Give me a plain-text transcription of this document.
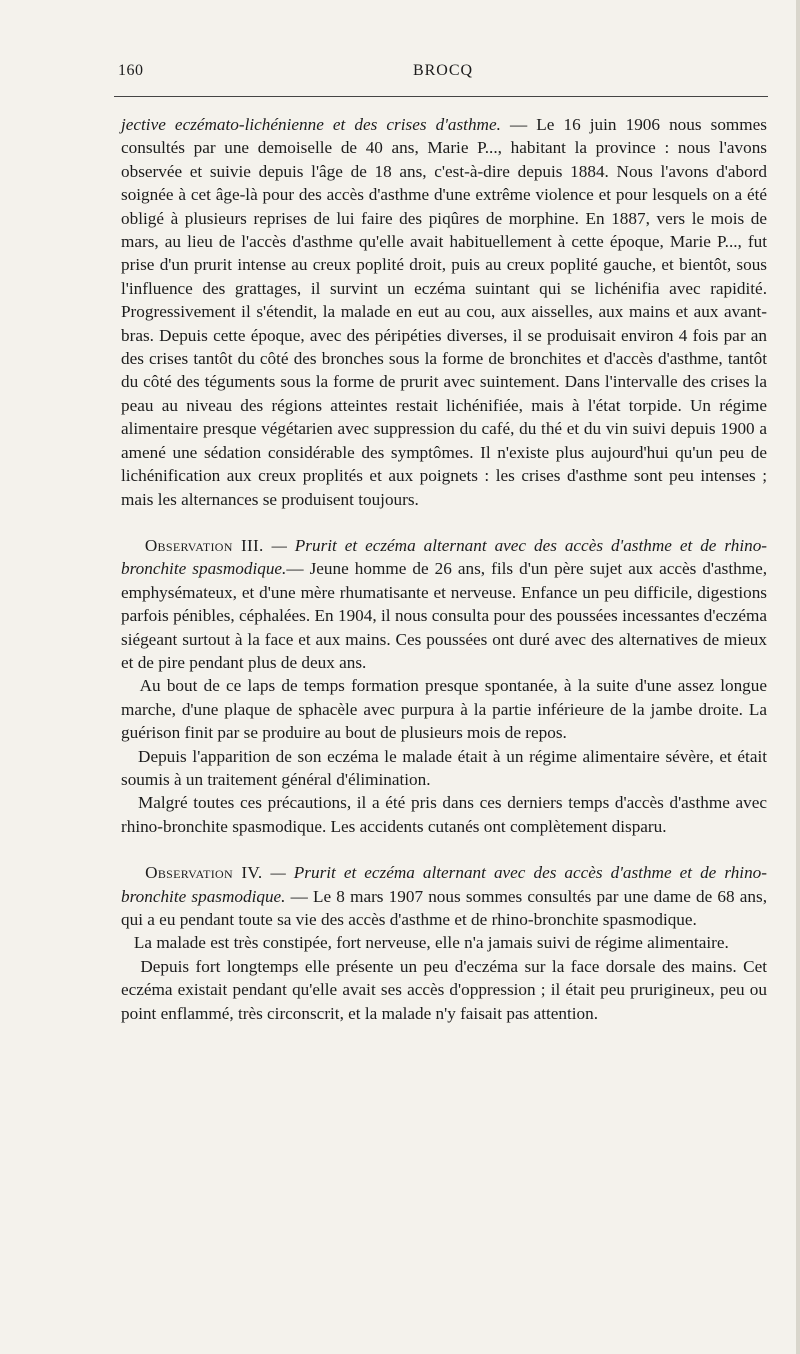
160	BROCQ

jective eczémato-lichénienne et des crises d'asthme. — Le 16 juin 1906 nous sommes consultés par une demoiselle de 40 ans, Marie P..., habitant la province : nous l'avons observée et suivie depuis l'âge de 18 ans, c'est-à-dire depuis 1884. Nous l'avons d'abord soignée à cet âge-là pour des accès d'asthme d'une extrême violence et pour lesquels on a été obligé à plusieurs reprises de lui faire des piqûres de morphine. En 1887, vers le mois de mars, au lieu de l'accès d'asthme qu'elle avait habituellement à cette époque, Marie P..., fut prise d'un prurit intense au creux poplité droit, puis au creux poplité gauche, et bientôt, sous l'influence des grattages, il survint un eczéma suintant qui se lichénifia avec rapidité. Progressivement il s'étendit, la malade en eut au cou, aux aisselles, aux mains et aux avant-bras. Depuis cette époque, avec des péripéties diverses, il se produisait environ 4 fois par an des crises tantôt du côté des bronches sous la forme de bronchites et d'accès d'asthme, tantôt du côté des téguments sous la forme de prurit avec suintement. Dans l'intervalle des crises la peau au niveau des régions atteintes restait lichénifiée, mais à l'état torpide. Un régime alimentaire presque végétarien avec suppression du café, du thé et du vin suivi depuis 1900 a amené une sédation considérable des symptômes. Il n'existe plus aujourd'hui qu'un peu de lichénification aux creux proplités et aux poignets : les crises d'asthme sont peu intenses ; mais les alternances se produisent toujours.

Observation III. — Prurit et eczéma alternant avec des accès d'asthme et de rhino-bronchite spasmodique.— Jeune homme de 26 ans, fils d'un père sujet aux accès d'asthme, emphysémateux, et d'une mère rhumatisante et nerveuse. Enfance un peu difficile, digestions parfois pénibles, céphalées. En 1904, il nous consulta pour des poussées incessantes d'eczéma siégeant surtout à la face et aux mains. Ces poussées ont duré avec des alternatives de mieux et de pire pendant plus de deux ans.

Au bout de ce laps de temps formation presque spontanée, à la suite d'une assez longue marche, d'une plaque de sphacèle avec purpura à la partie inférieure de la jambe droite. La guérison finit par se produire au bout de plusieurs mois de repos.

Depuis l'apparition de son eczéma le malade était à un régime alimentaire sévère, et était soumis à un traitement général d'élimination.

Malgré toutes ces précautions, il a été pris dans ces derniers temps d'accès d'asthme avec rhino-bronchite spasmodique. Les accidents cutanés ont complètement disparu.

Observation IV. — Prurit et eczéma alternant avec des accès d'asthme et de rhino-bronchite spasmodique. — Le 8 mars 1907 nous sommes consultés par une dame de 68 ans, qui a eu pendant toute sa vie des accès d'asthme et de rhino-bronchite spasmodique.

La malade est très constipée, fort nerveuse, elle n'a jamais suivi de régime alimentaire.

Depuis fort longtemps elle présente un peu d'eczéma sur la face dorsale des mains. Cet eczéma existait pendant qu'elle avait ses accès d'oppression ; il était peu prurigineux, peu ou point enflammé, très circonscrit, et la malade n'y faisait pas attention.
